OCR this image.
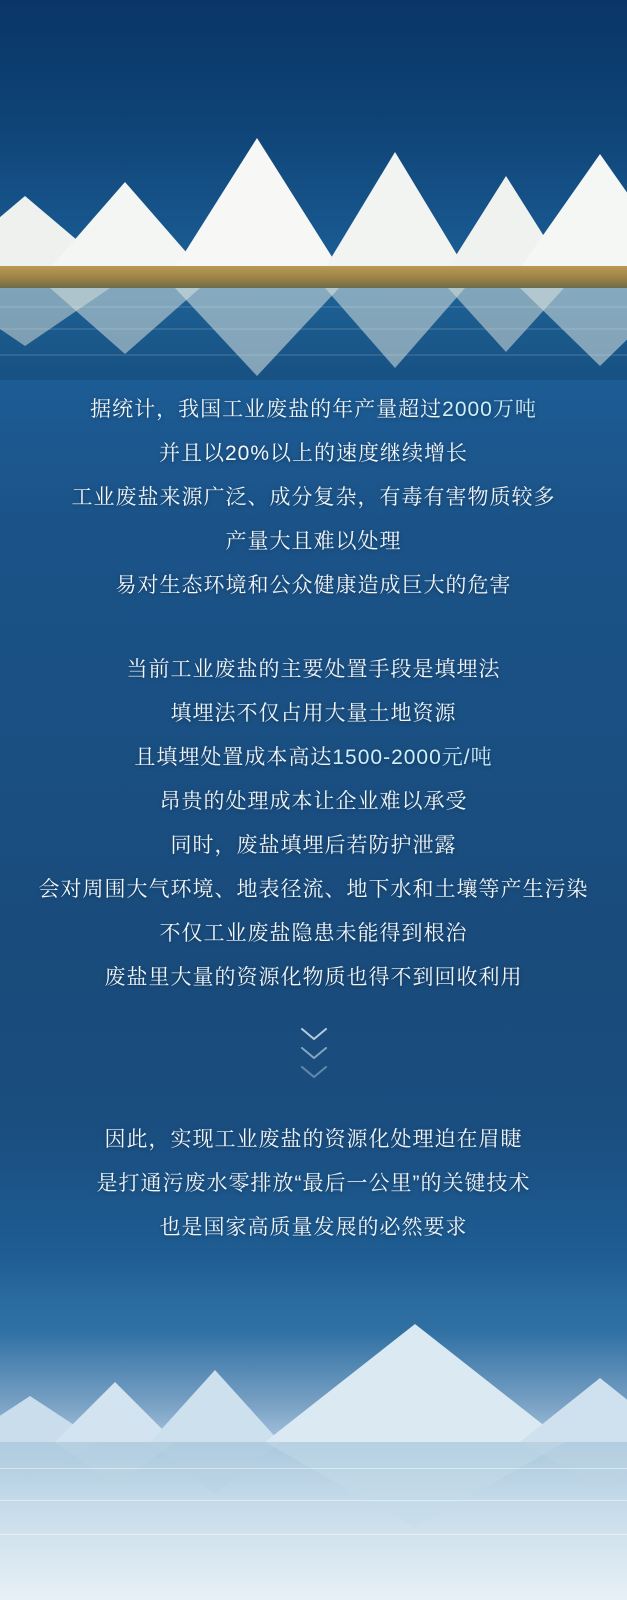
据统计，我国工业废盐的年产量超过2000万吨
并且以20%以上的速度继续增长
工业废盐来源广泛、成分复杂，有毒有害物质较多
产量大且难以处理
易对生态环境和公众健康造成巨大的危害
当前工业废盐的主要处置手段是填埋法
填埋法不仅占用大量土地资源
且填埋处置成本高达1500-2000元/吨
昂贵的处理成本让企业难以承受
同时，废盐填埋后若防护泄露
会对周围大气环境、地表径流、地下水和土壤等产生污染
不仅工业废盐隐患未能得到根治
废盐里大量的资源化物质也得不到回收利用
因此，实现工业废盐的资源化处理迫在眉睫
是打通污废水零排放“最后一公里”的关键技术
也是国家高质量发展的必然要求
